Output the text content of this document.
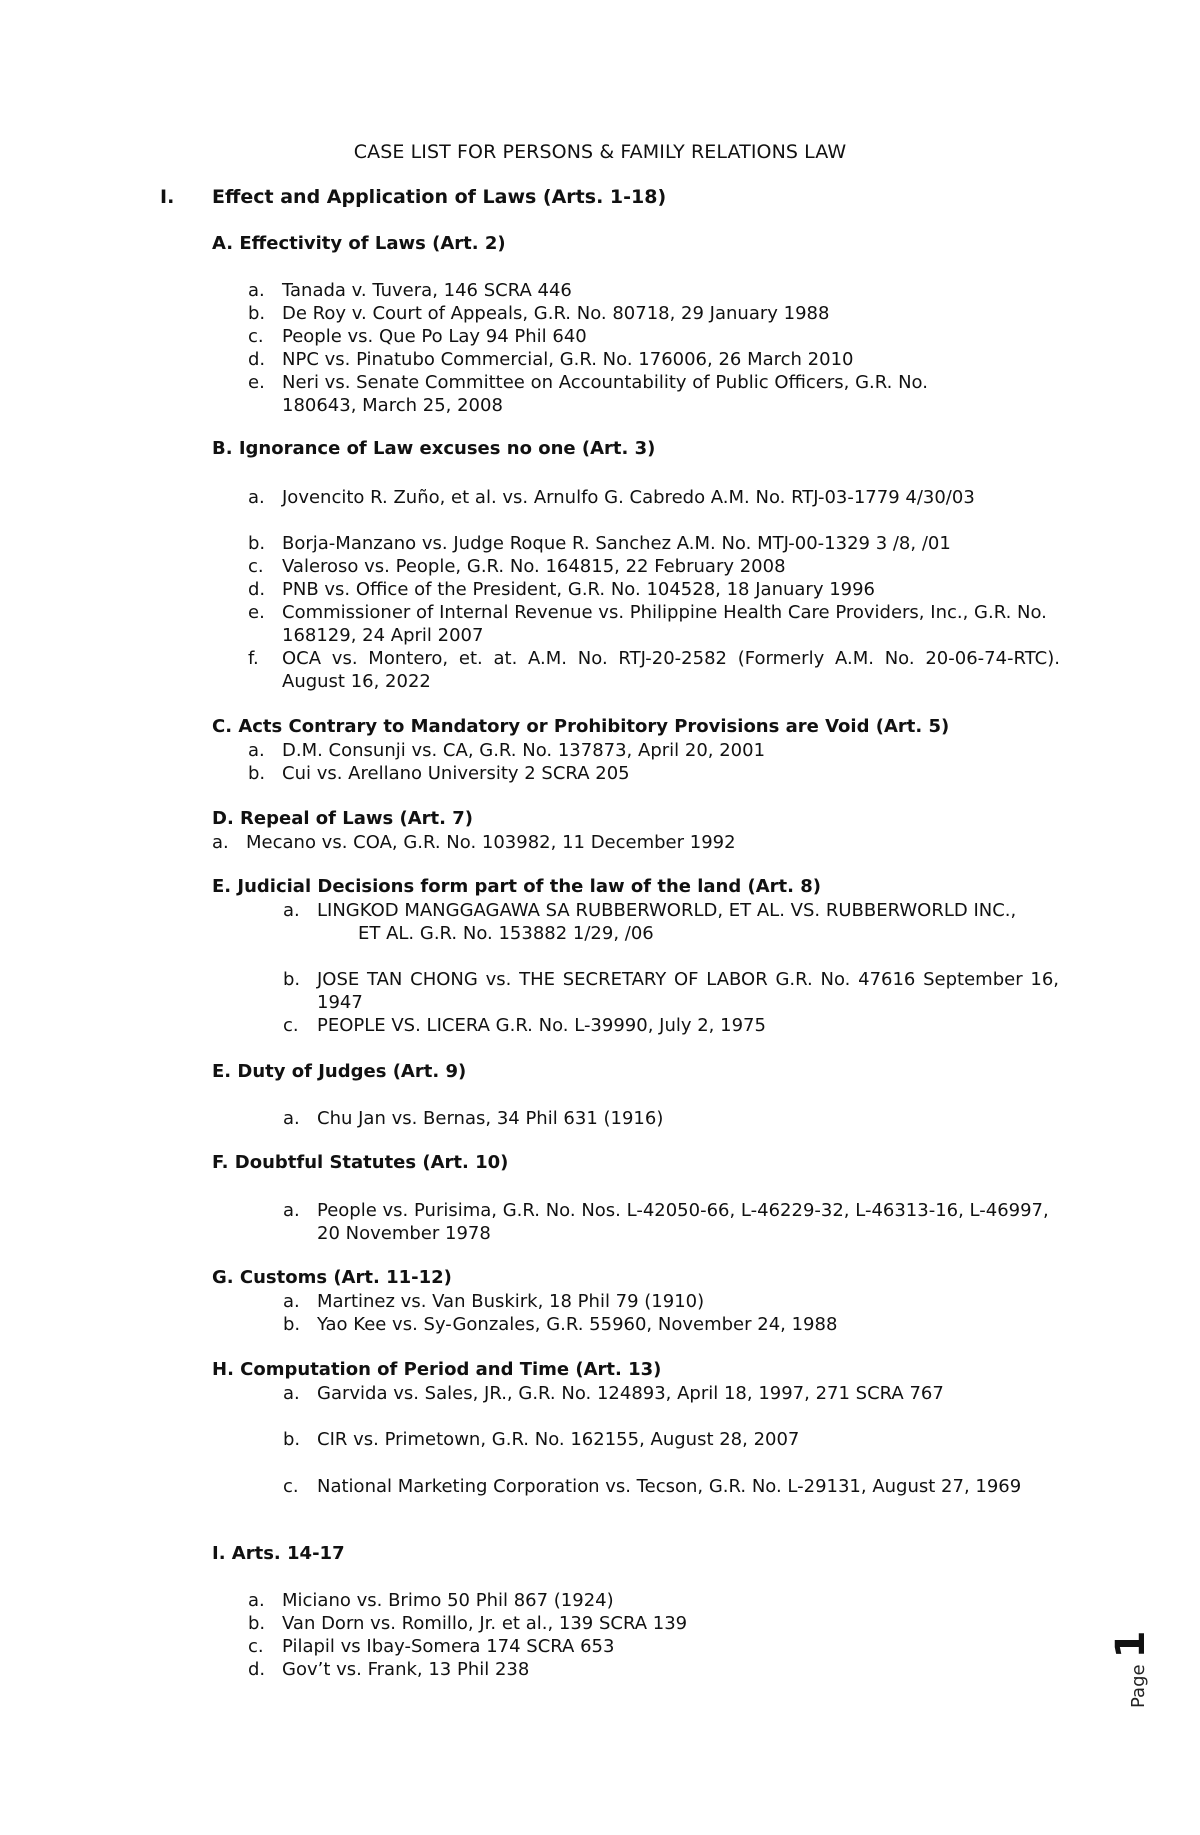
CASE LIST FOR PERSONS & FAMILY RELATIONS LAW
I. Effect and Application of Laws (Arts. 1-18)
A. Effectivity of Laws (Art. 2)
a. Tanada v. Tuvera, 146 SCRA 446
b. De Roy v. Court of Appeals, G.R. No. 80718, 29 January 1988
c. People vs. Que Po Lay 94 Phil 640
d. NPC vs. Pinatubo Commercial, G.R. No. 176006, 26 March 2010
e. Neri vs. Senate Committee on Accountability of Public Officers, G.R. No. 180643, March 25, 2008
B. Ignorance of Law excuses no one (Art. 3)
a. Jovencito R. Zuño, et al. vs. Arnulfo G. Cabredo A.M. No. RTJ-03-1779 4/30/03
b. Borja-Manzano vs. Judge Roque R. Sanchez A.M. No. MTJ-00-1329 3 /8, /01
c. Valeroso vs. People, G.R. No. 164815, 22 February 2008
d. PNB vs. Office of the President, G.R. No. 104528, 18 January 1996
e. Commissioner of Internal Revenue vs. Philippine Health Care Providers, Inc., G.R. No. 168129, 24 April 2007
f. OCA vs. Montero, et. at. A.M. No. RTJ-20-2582 (Formerly A.M. No. 20-06-74-RTC). August 16, 2022
C. Acts Contrary to Mandatory or Prohibitory Provisions are Void (Art. 5)
a. D.M. Consunji vs. CA, G.R. No. 137873, April 20, 2001
b. Cui vs. Arellano University 2 SCRA 205
D. Repeal of Laws (Art. 7)
a. Mecano vs. COA, G.R. No. 103982, 11 December 1992
E. Judicial Decisions form part of the law of the land (Art. 8)
a. LINGKOD MANGGAGAWA SA RUBBERWORLD, ET AL. VS. RUBBERWORLD INC.,
ET AL. G.R. No. 153882 1/29, /06
b. JOSE TAN CHONG vs. THE SECRETARY OF LABOR G.R. No. 47616 September 16, 1947
c. PEOPLE VS. LICERA G.R. No. L-39990, July 2, 1975
E. Duty of Judges (Art. 9)
a. Chu Jan vs. Bernas, 34 Phil 631 (1916)
F. Doubtful Statutes (Art. 10)
a. People vs. Purisima, G.R. No. Nos. L-42050-66, L-46229-32, L-46313-16, L-46997, 20 November 1978
G. Customs (Art. 11-12)
a. Martinez vs. Van Buskirk, 18 Phil 79 (1910)
b. Yao Kee vs. Sy-Gonzales, G.R. 55960, November 24, 1988
H. Computation of Period and Time (Art. 13)
a. Garvida vs. Sales, JR., G.R. No. 124893, April 18, 1997, 271 SCRA 767
b. CIR vs. Primetown, G.R. No. 162155, August 28, 2007
c. National Marketing Corporation vs. Tecson, G.R. No. L-29131, August 27, 1969
I. Arts. 14-17
a. Miciano vs. Brimo 50 Phil 867 (1924)
b. Van Dorn vs. Romillo, Jr. et al., 139 SCRA 139
c. Pilapil vs Ibay-Somera 174 SCRA 653
d. Gov’t vs. Frank, 13 Phil 238	Page
1
